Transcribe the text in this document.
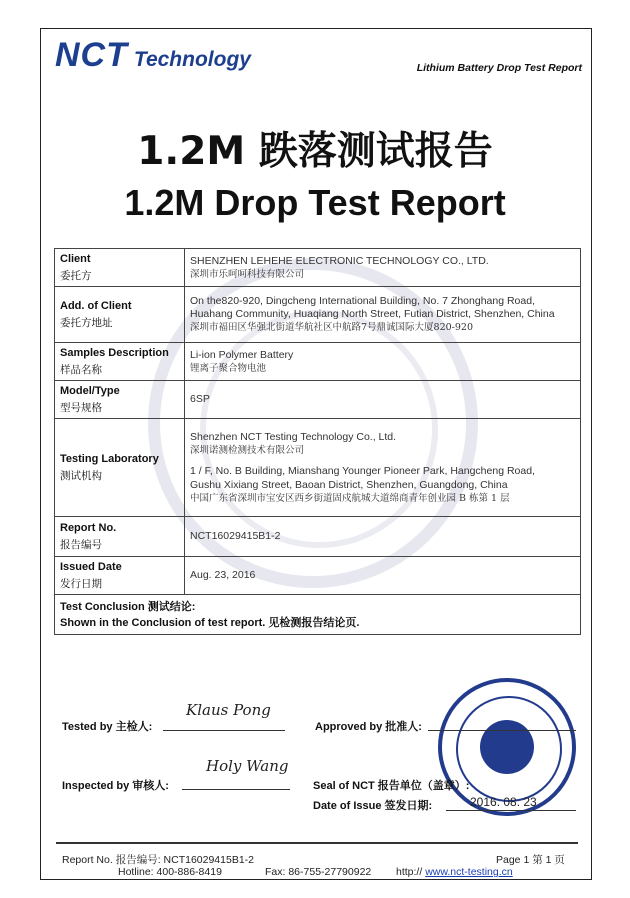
NCT Technology	Lithium Battery Drop Test Report
1.2M 跌落测试报告
1.2M Drop Test Report
Client
委托方	SHENZHEN LEHEHE ELECTRONIC TECHNOLOGY CO., LTD.
深圳市乐呵呵科技有限公司

Add. of Client
委托方地址	On the820-920, Dingcheng International Building, No. 7 Zhonghang Road,
Huahang Community, Huaqiang North Street, Futian District, Shenzhen, China
深圳市福田区华强北街道华航社区中航路7号鼎诚国际大厦820-920

Samples Description
样品名称	Li-ion Polymer Battery
锂离子聚合物电池

Model/Type
型号规格	6SP
Testing Laboratory
测试机构	Shenzhen NCT Testing Technology Co., Ltd.
深圳诺测检测技术有限公司
1 / F, No. B Building, Mianshang Younger Pioneer Park, Hangcheng Road,
Gushu Xixiang Street, Baoan District, Shenzhen, Guangdong, China
中国广东省深圳市宝安区西乡街道固戍航城大道绵商青年创业园 B 栋第 1 层

Report No.
报告编号	NCT16029415B1-2
Issued Date
发行日期	Aug. 23, 2016
Test Conclusion 测试结论:
Shown in the Conclusion of test report. 见检测报告结论页.	
Tested by 主检人:
Klaus Pong
Approved by 批准人:
Inspected by 审核人:
Holy Wang
Seal of NCT 报告单位（盖章）:
Date of Issue 签发日期:	2016. 08. 23
Report No. 报告编号: NCT16029415B1-2	Page 1 第 1 页
Hotline: 400-886-8419	Fax: 86-755-27790922 http:// www.nct-testing.cn
